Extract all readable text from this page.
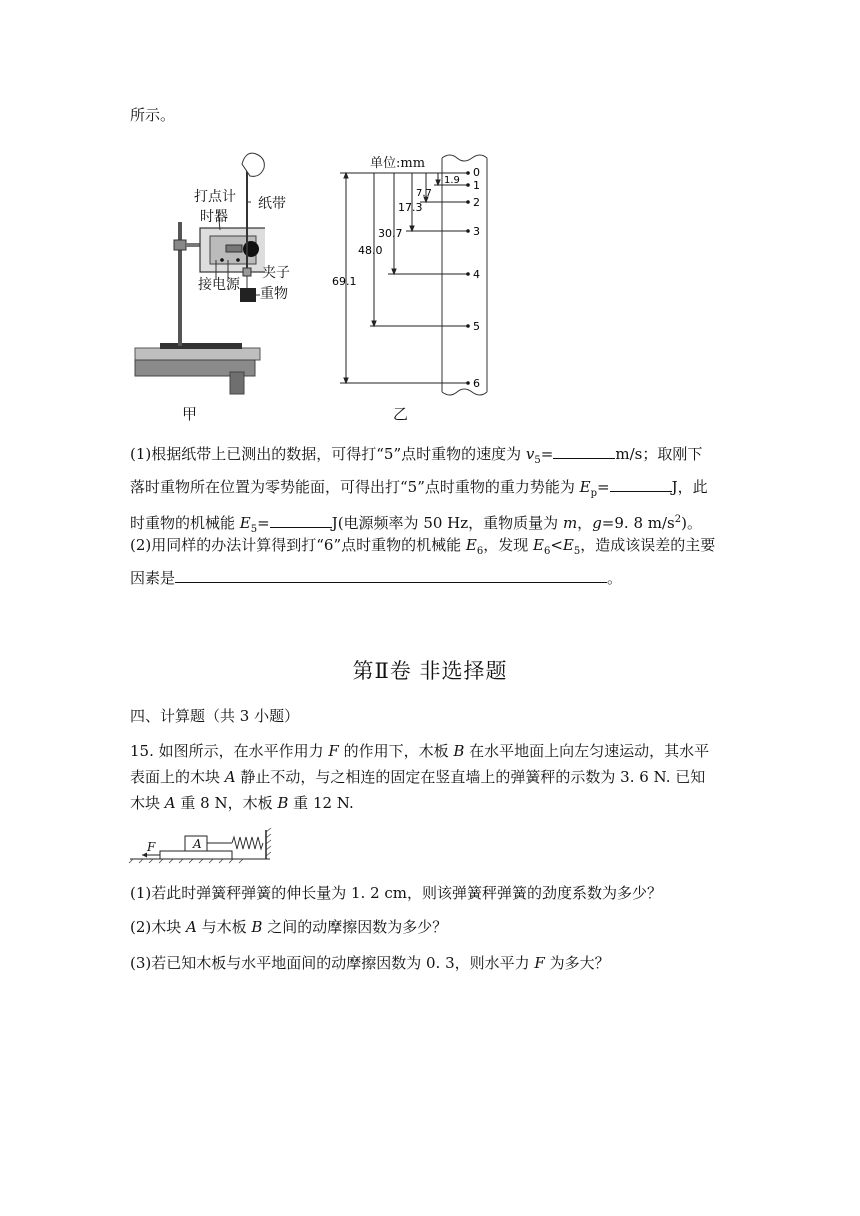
所示。
打点计
时器
纸带
夹子
接电源
重物
甲
0
1
2
3
4
5
6
1.9
7.7
17.3
30.7
48.0
69.1
单位:mm
乙
(1)根据纸带上已测出的数据，可得打“5”点时重物的速度为 $v_5=$	m/s；取刚下
落时重物所在位置为零势能面，可得出打“5”点时重物的重力势能为 $E_p=$	J，此
时重物的机械能 $E_5=$	J(电源频率为 50 Hz，重物质量为 m，g=9. 8 $m/s^2$)。
(2)用同样的办法计算得到打“6”点时重物的机械能 $E_6$，发现 $E_6<E_5$，造成该误差的主要
因素是	。
第Ⅱ卷 非选择题
四、计算题（共 3 小题）
15. 如图所示，在水平作用力 F 的作用下，木板 B 在水平地面上向左匀速运动，其水平
表面上的木块 A 静止不动，与之相连的固定在竖直墙上的弹簧秤的示数为 3. 6 N. 已知
木块 A 重 8 N，木板 B 重 12 N.
F	A
(1)若此时弹簧秤弹簧的伸长量为 1. 2 cm，则该弹簧秤弹簧的劲度系数为多少？
(2)木块 A 与木板 B 之间的动摩擦因数为多少？
(3)若已知木板与水平地面间的动摩擦因数为 0. 3，则水平力 F 为多大？
